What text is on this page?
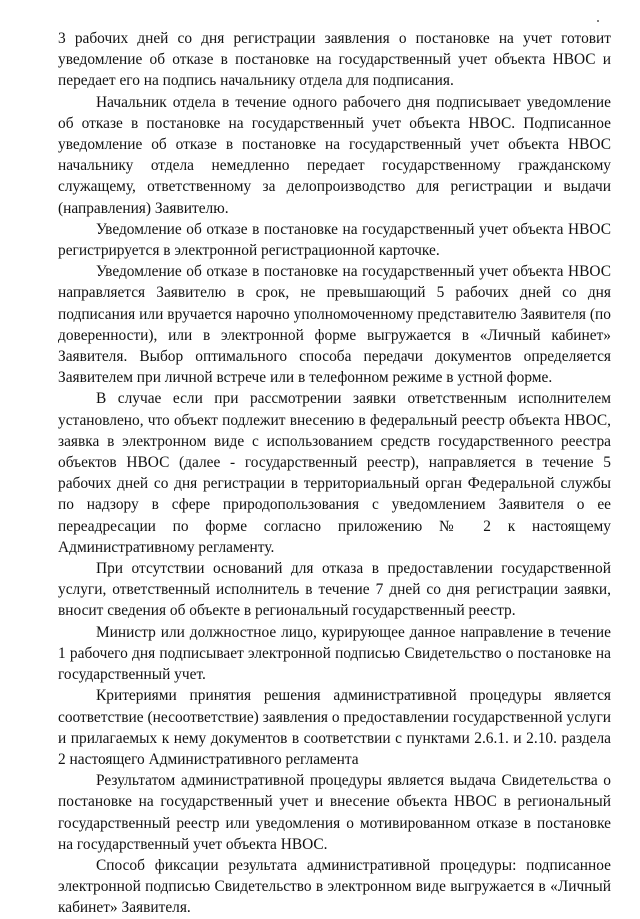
3 рабочих дней со дня регистрации заявления о постановке на учет готовит уведомление об отказе в постановке на государственный учет объекта НВОС и передает его на подпись начальнику отдела для подписания.

Начальник отдела в течение одного рабочего дня подписывает уведомление об отказе в постановке на государственный учет объекта НВОС. Подписанное уведомление об отказе в постановке на государственный учет объекта НВОС начальнику отдела немедленно передает государственному гражданскому служащему, ответственному за делопроизводство для регистрации и выдачи (направления) Заявителю.

Уведомление об отказе в постановке на государственный учет объекта НВОС регистрируется в электронной регистрационной карточке.

Уведомление об отказе в постановке на государственный учет объекта НВОС направляется Заявителю в срок, не превышающий 5 рабочих дней со дня подписания или вручается нарочно уполномоченному представителю Заявителя (по доверенности), или в электронной форме выгружается в «Личный кабинет» Заявителя. Выбор оптимального способа передачи документов определяется Заявителем при личной встрече или в телефонном режиме в устной форме.

В случае если при рассмотрении заявки ответственным исполнителем установлено, что объект подлежит внесению в федеральный реестр объекта НВОС, заявка в электронном виде с использованием средств государственного реестра объектов НВОС (далее - государственный реестр), направляется в течение 5 рабочих дней со дня регистрации в территориальный орган Федеральной службы по надзору в сфере природопользования с уведомлением Заявителя о ее переадресации по форме согласно приложению № 2 к настоящему Административному регламенту.

При отсутствии оснований для отказа в предоставлении государственной услуги, ответственный исполнитель в течение 7 дней со дня регистрации заявки, вносит сведения об объекте в региональный государственный реестр.

Министр или должностное лицо, курирующее данное направление в течение 1 рабочего дня подписывает электронной подписью Свидетельство о постановке на государственный учет.

Критериями принятия решения административной процедуры является соответствие (несоответствие) заявления о предоставлении государственной услуги и прилагаемых к нему документов в соответствии с пунктами 2.6.1. и 2.10. раздела 2 настоящего Административного регламента

Результатом административной процедуры является выдача Свидетельства о постановке на государственный учет и внесение объекта НВОС в региональный государственный реестр или уведомления о мотивированном отказе в постановке на государственный учет объекта НВОС.

Способ фиксации результата административной процедуры: подписанное электронной подписью Свидетельство в электронном виде выгружается в «Личный кабинет» Заявителя.
